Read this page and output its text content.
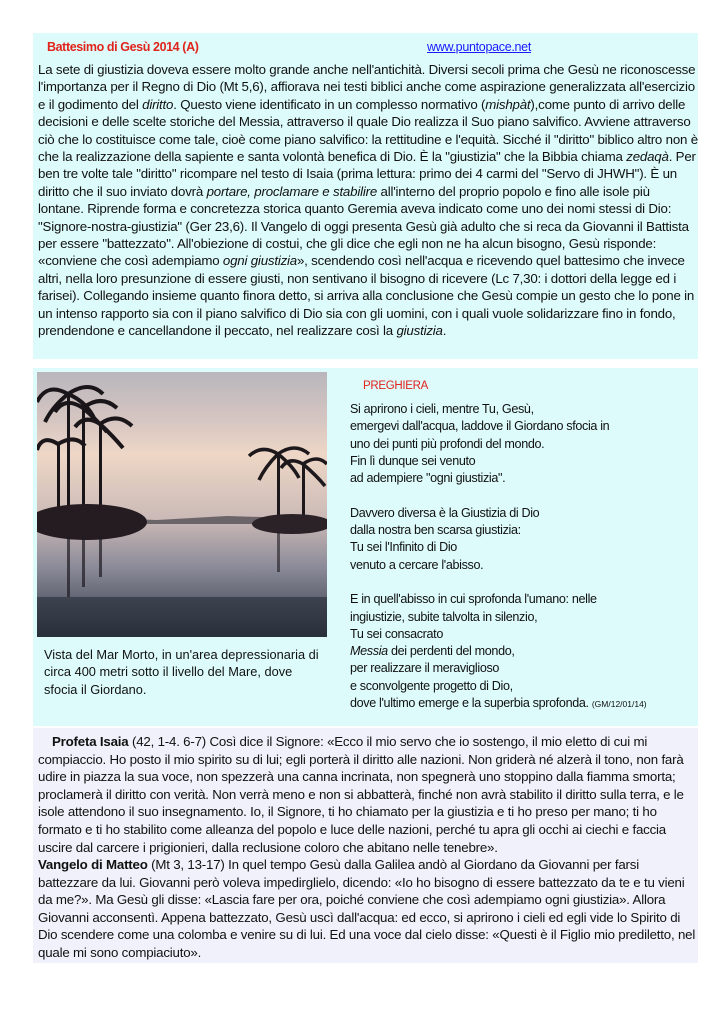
Battesimo di Gesù 2014 (A)	www.puntopace.net

La sete di giustizia doveva essere molto grande anche nell'antichità. Diversi secoli prima che Gesù ne riconoscesse l'importanza per il Regno di Dio (Mt 5,6), affiorava nei testi biblici anche come aspirazione generalizzata all'esercizio e il godimento del diritto. Questo viene identificato in un complesso normativo (mishpàt),come punto di arrivo delle decisioni e delle scelte storiche del Messia, attraverso il quale Dio realizza il Suo piano salvifico. Avvienе attraverso ciò che lo costituisce come tale, cioè come piano salvifico: la rettitudine e l'equità. Sicché il "diritto" biblico altro non è che la realizzazione della sapiente e santa volontà benefica di Dio. È la "giustizia" che la Bibbia chiama zedaqà. Per ben tre volte tale "diritto" ricompare nel testo di Isaia (prima lettura: primo dei 4 carmi del "Servo di JHWH"). È un diritto che il suo inviato dovrà portare, proclamare e stabilire all'interno del proprio popolo e fino alle isole più lontane. Riprende forma e concretezza storica quanto Geremia aveva indicato come uno dei nomi stessi di Dio: "Signore-nostra-giustizia" (Ger 23,6). Il Vangelo di oggi presenta Gesù già adulto che si reca da Giovanni il Battista per essere "battezzato". All'obiezione di costui, che gli dice che egli non ne ha alcun bisogno, Gesù risponde: «conviene che così adempiamo ogni giustizia», scendendo così nell'acqua e ricevendo quel battesimo che invece altri, nella loro presunzione di essere giusti, non sentivano il bisogno di ricevere (Lc 7,30: i dottori della legge ed i farisei). Collegando insieme quanto finora detto, si arriva alla conclusione che Gesù compie un gesto che lo pone in un intenso rapporto sia con il piano salvifico di Dio sia con gli uomini, con i quali vuole solidarizzare fino in fondo, prendendone e cancellandone il peccato, nel realizzare così la giustizia.

Vista del Mar Morto, in un'area depressionaria di circa 400 metri sotto il livello del Mare, dove sfocia il Giordano.
PREGHIERA
Si aprirono i cieli, mentre Tu, Gesù,
emergevi dall'acqua, laddove il Giordano sfocia in
uno dei punti più profondi del mondo.
Fin lì dunque sei venuto
ad adempiere "ogni giustizia".
Davvero diversa è la Giustizia di Dio
dalla nostra ben scarsa giustizia:
Tu sei l'Infinito di Dio
venuto a cercare l'abisso.
E in quell'abisso in cui sprofonda l'umano: nelle
ingiustizie, subite talvolta in silenzio,
Tu sei consacrato
Messia dei perdenti del mondo,
per realizzare il meraviglioso
e sconvolgente progetto di Dio,
dove l'ultimo emerge e la superbia sprofonda. (GM/12/01/14)

Profeta Isaia (42, 1-4. 6-7) Così dice il Signore: «Ecco il mio servo che io sostengo, il mio eletto di cui mi compiaccio. Ho posto il mio spirito su di lui; egli porterà il diritto alle nazioni. Non griderà né alzerà il tono, non farà udire in piazza la sua voce, non spezzerà una canna incrinata, non spegnerà uno stoppino dalla fiamma smorta; proclamerà il diritto con verità. Non verrà meno e non si abbatterà, finché non avrà stabilito il diritto sulla terra, e le isole attendono il suo insegnamento. Io, il Signore, ti ho chiamato per la giustizia e ti ho preso per mano; ti ho formato e ti ho stabilito come alleanza del popolo e luce delle nazioni, perché tu apra gli occhi ai ciechi e faccia uscire dal carcere i prigionieri, dalla reclusione coloro che abitano nelle tenebre».

Vangelo di Matteo (Mt 3, 13-17) In quel tempo Gesù dalla Galilea andò al Giordano da Giovanni per farsi battezzare da lui. Giovanni però voleva impedirglielo, dicendo: «Io ho bisogno di essere battezzato da te e tu vieni da me?». Ma Gesù gli disse: «Lascia fare per ora, poiché conviene che così adempiamo ogni giustizia». Allora Giovanni acconsentì. Appena battezzato, Gesù uscì dall'acqua: ed ecco, si aprirono i cieli ed egli vide lo Spirito di Dio scendere come una colomba e venire su di lui. Ed una voce dal cielo disse: «Questi è il Figlio mio prediletto, nel quale mi sono compiaciuto».
